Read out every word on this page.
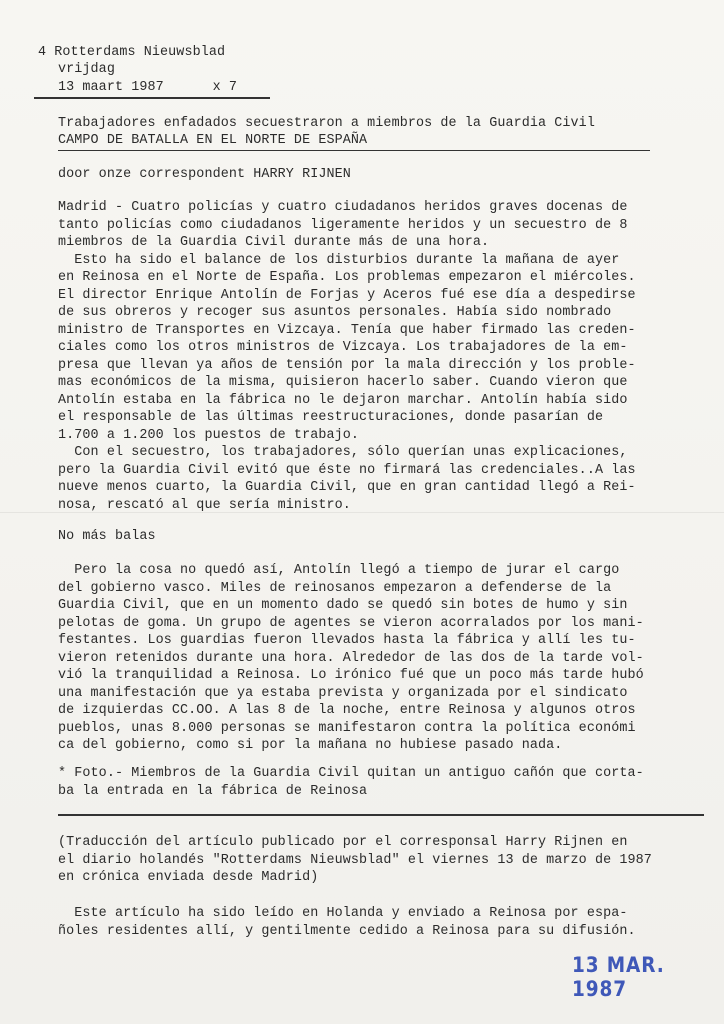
4 Rotterdams Nieuwsblad
vrijdag
13 maart 1987      x 7
Trabajadores enfadados secuestraron a miembros de la Guardia Civil
CAMPO DE BATALLA EN EL NORTE DE ESPAÑA
door onze correspondent HARRY RIJNEN
Madrid - Cuatro policías y cuatro ciudadanos heridos graves docenas de
tanto policías como ciudadanos ligeramente heridos y un secuestro de 8
miembros de la Guardia Civil durante más de una hora.
Esto ha sido el balance de los disturbios durante la mañana de ayer
en Reinosa en el Norte de España. Los problemas empezaron el miércoles.
El director Enrique Antolín de Forjas y Aceros fué ese día a despedirse
de sus obreros y recoger sus asuntos personales. Había sido nombrado
ministro de Transportes en Vizcaya. Tenía que haber firmado las creden-
ciales como los otros ministros de Vizcaya. Los trabajadores de la em-
presa que llevan ya años de tensión por la mala dirección y los proble-
mas económicos de la misma, quisieron hacerlo saber. Cuando vieron que
Antolín estaba en la fábrica no le dejaron marchar. Antolín había sido
el responsable de las últimas reestructuraciones, donde pasarían de
1.700 a 1.200 los puestos de trabajo.
Con el secuestro, los trabajadores, sólo querían unas explicaciones,
pero la Guardia Civil evitó que éste no firmará las credenciales..A las
nueve menos cuarto, la Guardia Civil, que en gran cantidad llegó a Rei-
nosa, rescató al que sería ministro.
No más balas
Pero la cosa no quedó así, Antolín llegó a tiempo de jurar el cargo
del gobierno vasco. Miles de reinosanos empezaron a defenderse de la
Guardia Civil, que en un momento dado se quedó sin botes de humo y sin
pelotas de goma. Un grupo de agentes se vieron acorralados por los mani-
festantes. Los guardias fueron llevados hasta la fábrica y allí les tu-
vieron retenidos durante una hora. Alrededor de las dos de la tarde vol-
vió la tranquilidad a Reinosa. Lo irónico fué que un poco más tarde hubó
una manifestación que ya estaba prevista y organizada por el sindicato
de izquierdas CC.OO. A las 8 de la noche, entre Reinosa y algunos otros
pueblos, unas 8.000 personas se manifestaron contra la política económi
ca del gobierno, como si por la mañana no hubiese pasado nada.
* Foto.- Miembros de la Guardia Civil quitan un antiguo cañón que corta-
ba la entrada en la fábrica de Reinosa
(Traducción del artículo publicado por el corresponsal Harry Rijnen en
el diario holandés "Rotterdams Nieuwsblad" el viernes 13 de marzo de 1987
en crónica enviada desde Madrid)
Este artículo ha sido leído en Holanda y enviado a Reinosa por espa-
ñoles residentes allí, y gentilmente cedido a Reinosa para su difusión.
13 MAR. 1987
